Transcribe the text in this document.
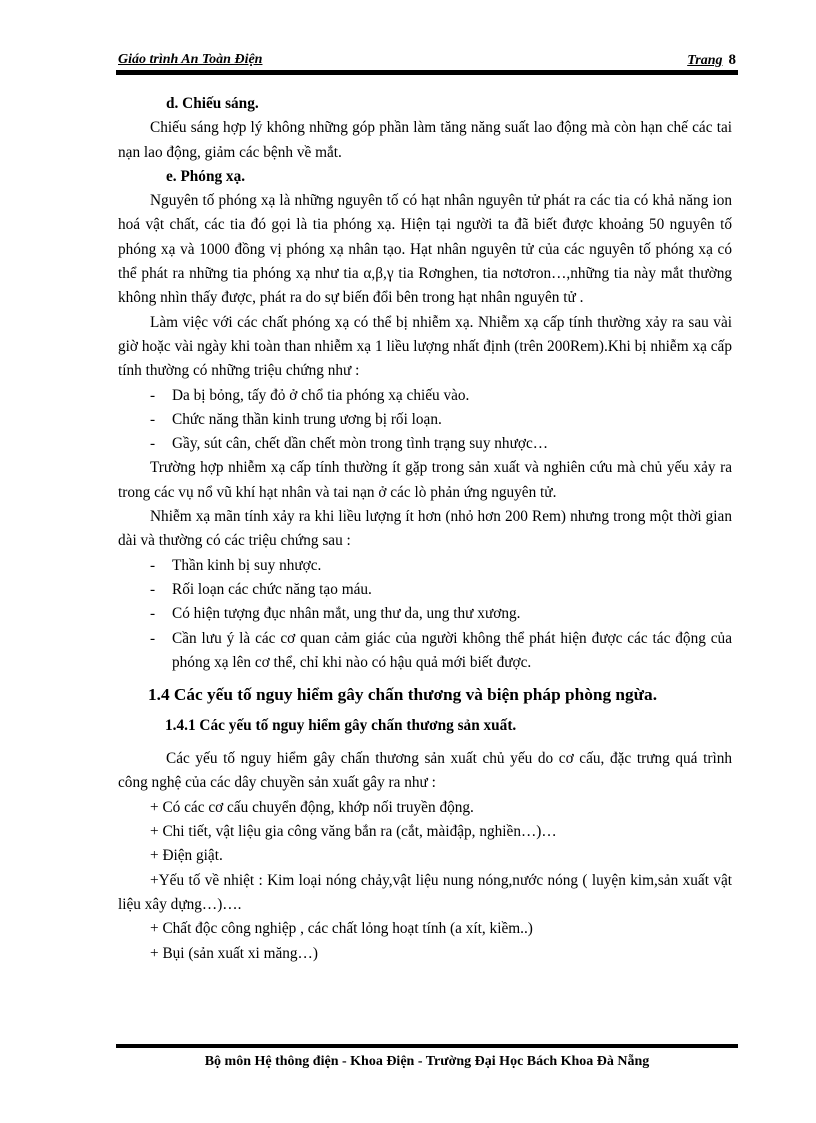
Giáo trình An Toàn Điện	Trang 8

d. Chiếu sáng.

Chiếu sáng hợp lý không những góp phần làm tăng năng suất lao động mà còn hạn chế các tai nạn lao động, giảm các bệnh về mắt.

e. Phóng xạ.

Nguyên tố phóng xạ là những nguyên tố có hạt nhân nguyên tử phát ra các tia có khả năng ion hoá vật chất, các tia đó gọi là tia phóng xạ. Hiện tại người ta đã biết được khoảng 50 nguyên tố phóng xạ và 1000 đồng vị phóng xạ nhân tạo. Hạt nhân nguyên tử của các nguyên tố phóng xạ có thể phát ra những tia phóng xạ như tia α,β,γ tia Rơnghen, tia nơtơron…,những tia này mắt thường không nhìn thấy được, phát ra do sự biến đổi bên trong hạt nhân nguyên tử .

Làm việc với các chất phóng xạ có thể bị nhiễm xạ. Nhiễm xạ cấp tính thường xảy ra sau vài giờ hoặc vài ngày khi toàn than nhiễm xạ 1 liều lượng nhất định (trên 200Rem).Khi bị nhiễm xạ cấp tính thường có những triệu chứng như :

- Da bị bỏng, tấy đỏ ở chổ tia phóng xạ chiếu vào.

- Chức năng thần kinh trung ương bị rối loạn.

- Gầy, sút cân, chết dần chết mòn trong tình trạng suy nhược…

Trường hợp nhiễm xạ cấp tính thường ít gặp trong sản xuất và nghiên cứu mà chủ yếu xảy ra trong các vụ nổ vũ khí hạt nhân và tai nạn ở các lò phản ứng nguyên tử.

Nhiễm xạ mãn tính xảy ra khi liều lượng ít hơn (nhỏ hơn 200 Rem) nhưng trong một thời gian dài và thường có các triệu chứng sau :

- Thần kinh bị suy nhược.

- Rối loạn các chức năng tạo máu.

- Có hiện tượng đục nhân mắt, ung thư da, ung thư xương.

- Cần lưu ý là các cơ quan cảm giác của người không thể phát hiện được các tác động của phóng xạ lên cơ thể, chỉ khi nào có hậu quả mới biết được.

1.4 Các yếu tố nguy hiểm gây chấn thương và biện pháp phòng ngừa.

1.4.1 Các yếu tố nguy hiểm gây chấn thương sản xuất.

Các yếu tố nguy hiểm gây chấn thương sản xuất chủ yếu do cơ cấu, đặc trưng quá trình công nghệ của các dây chuyền sản xuất gây ra như :

+ Có các cơ cấu chuyển động, khớp nối truyền động.

+ Chi tiết, vật liệu gia công văng bắn ra (cắt, màiđập, nghiền…)…

+ Điện giật.

+Yếu tố về nhiệt : Kim loại nóng chảy,vật liệu nung nóng,nước nóng ( luyện kim,sản xuất vật liệu xây dựng…)….

+ Chất độc công nghiệp , các chất lỏng hoạt tính (a xít, kiềm..)

+ Bụi (sản xuất xi măng…)

Bộ môn Hệ thông điện - Khoa Điện - Trường Đại Học Bách Khoa Đà Nẵng
